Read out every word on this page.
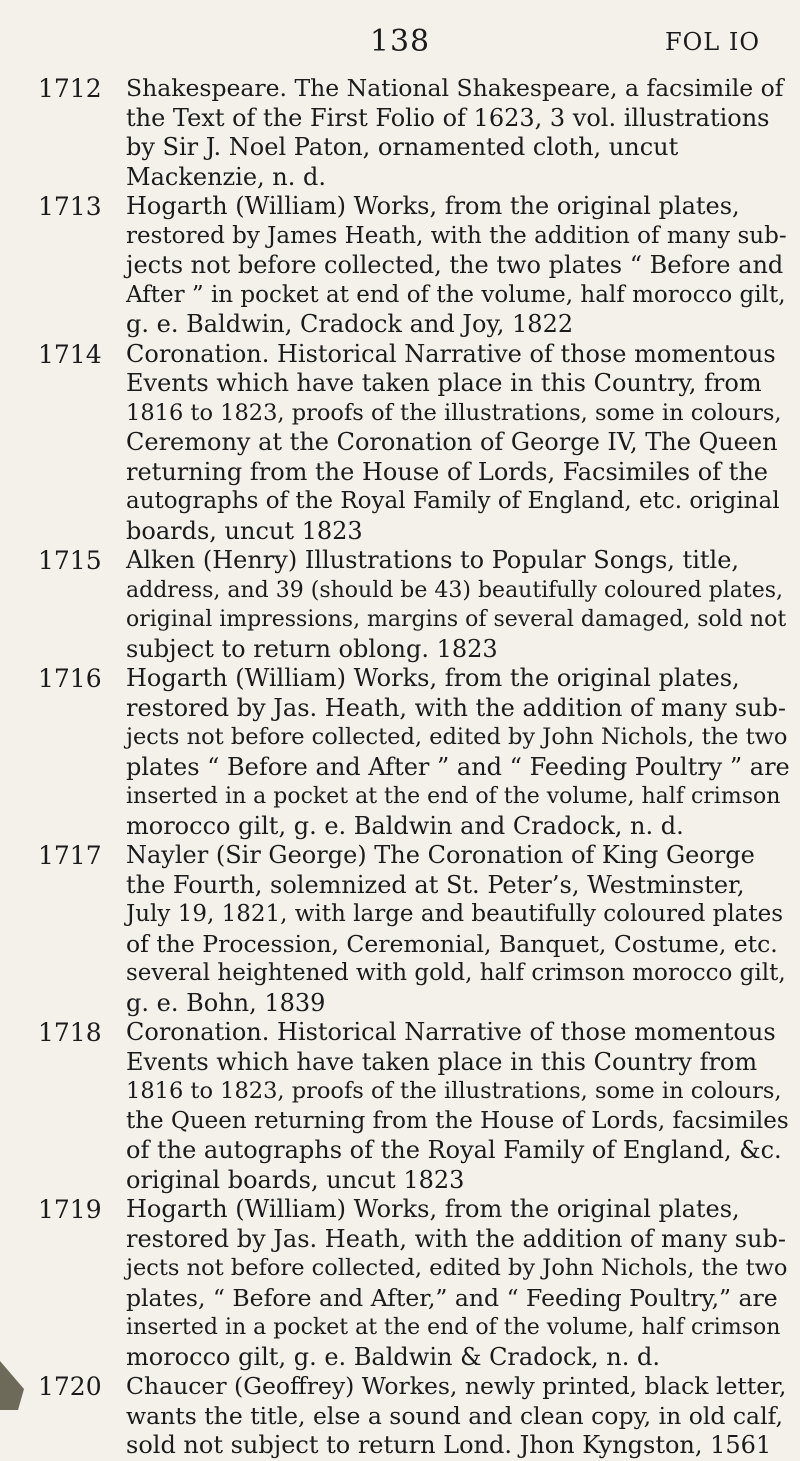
138	FOL IO
1712	Shakespeare. The National Shakespeare, a facsimile of
the Text of the First Folio of 1623, 3 vol. illustrations
by Sir J. Noel Paton, ornamented cloth, uncut
Mackenzie, n. d.
1713	Hogarth (William) Works, from the original plates,
restored by James Heath, with the addition of many sub-
jects not before collected, the two plates “ Before and
After ” in pocket at end of the volume, half morocco gilt,
g. e. Baldwin, Cradock and Joy, 1822
1714	Coronation. Historical Narrative of those momentous
Events which have taken place in this Country, from
1816 to 1823, proofs of the illustrations, some in colours,
Ceremony at the Coronation of George IV, The Queen
returning from the House of Lords, Facsimiles of the
autographs of the Royal Family of England, etc. original
boards, uncut 1823
1715	Alken (Henry) Illustrations to Popular Songs, title,
address, and 39 (should be 43) beautifully coloured plates,
original impressions, margins of several damaged, sold not
subject to return oblong. 1823
1716	Hogarth (William) Works, from the original plates,
restored by Jas. Heath, with the addition of many sub-
jects not before collected, edited by John Nichols, the two
plates “ Before and After ” and “ Feeding Poultry ” are
inserted in a pocket at the end of the volume, half crimson
morocco gilt, g. e. Baldwin and Cradock, n. d.
1717	Nayler (Sir George) The Coronation of King George
the Fourth, solemnized at St. Peter’s, Westminster,
July 19, 1821, with large and beautifully coloured plates
of the Procession, Ceremonial, Banquet, Costume, etc.
several heightened with gold, half crimson morocco gilt,
g. e. Bohn, 1839
1718	Coronation. Historical Narrative of those momentous
Events which have taken place in this Country from
1816 to 1823, proofs of the illustrations, some in colours,
the Queen returning from the House of Lords, facsimiles
of the autographs of the Royal Family of England, &c.
original boards, uncut 1823
1719	Hogarth (William) Works, from the original plates,
restored by Jas. Heath, with the addition of many sub-
jects not before collected, edited by John Nichols, the two
plates, “ Before and After,” and “ Feeding Poultry,” are
inserted in a pocket at the end of the volume, half crimson
morocco gilt, g. e. Baldwin & Cradock, n. d.
1720	Chaucer (Geoffrey) Workes, newly printed, black letter,
wants the title, else a sound and clean copy, in old calf,
sold not subject to return Lond. Jhon Kyngston, 1561
